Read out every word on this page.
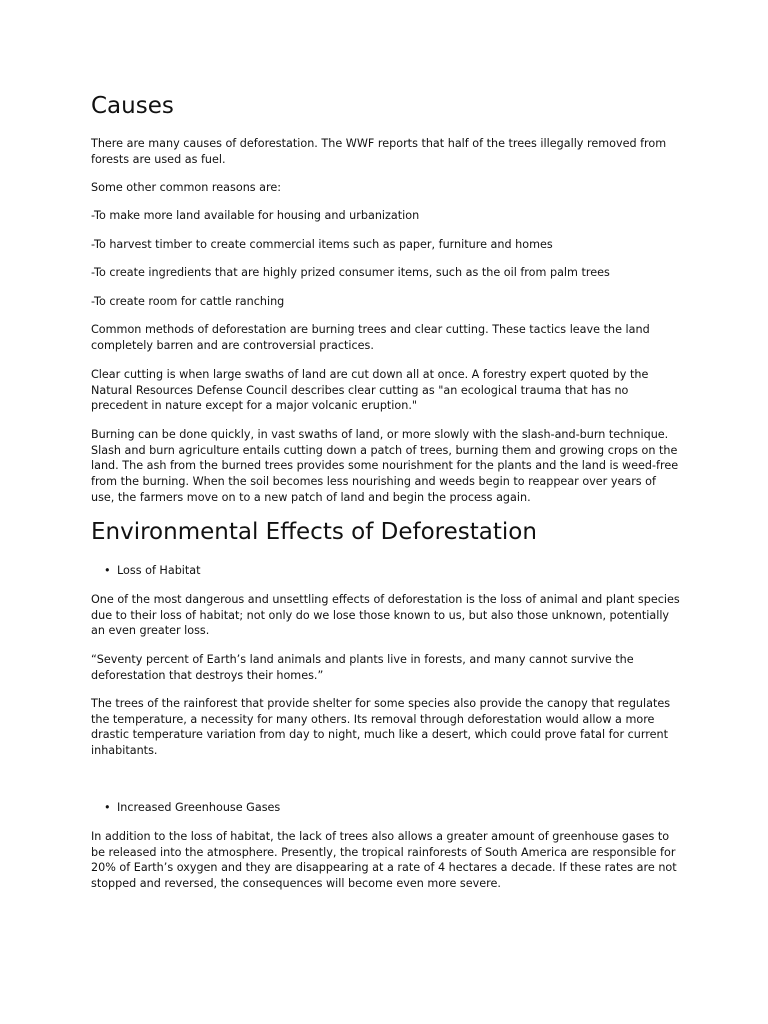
Causes

There are many causes of deforestation. The WWF reports that half of the trees illegally removed from forests are used as fuel.

Some other common reasons are:

-To make more land available for housing and urbanization

-To harvest timber to create commercial items such as paper, furniture and homes

-To create ingredients that are highly prized consumer items, such as the oil from palm trees

-To create room for cattle ranching

Common methods of deforestation are burning trees and clear cutting. These tactics leave the land completely barren and are controversial practices.

Clear cutting is when large swaths of land are cut down all at once. A forestry expert quoted by the Natural Resources Defense Council describes clear cutting as "an ecological trauma that has no precedent in nature except for a major volcanic eruption."

Burning can be done quickly, in vast swaths of land, or more slowly with the slash-and-burn technique. Slash and burn agriculture entails cutting down a patch of trees, burning them and growing crops on the land. The ash from the burned trees provides some nourishment for the plants and the land is weed-free from the burning. When the soil becomes less nourishing and weeds begin to reappear over years of use, the farmers move on to a new patch of land and begin the process again.

Environmental Effects of Deforestation
• Loss of Habitat

One of the most dangerous and unsettling effects of deforestation is the loss of animal and plant species due to their loss of habitat; not only do we lose those known to us, but also those unknown, potentially an even greater loss.

“Seventy percent of Earth’s land animals and plants live in forests, and many cannot survive the deforestation that destroys their homes.”

The trees of the rainforest that provide shelter for some species also provide the canopy that regulates the temperature, a necessity for many others. Its removal through deforestation would allow a more drastic temperature variation from day to night, much like a desert, which could prove fatal for current inhabitants.

• Increased Greenhouse Gases

In addition to the loss of habitat, the lack of trees also allows a greater amount of greenhouse gases to be released into the atmosphere. Presently, the tropical rainforests of South America are responsible for 20% of Earth’s oxygen and they are disappearing at a rate of 4 hectares a decade. If these rates are not stopped and reversed, the consequences will become even more severe.
